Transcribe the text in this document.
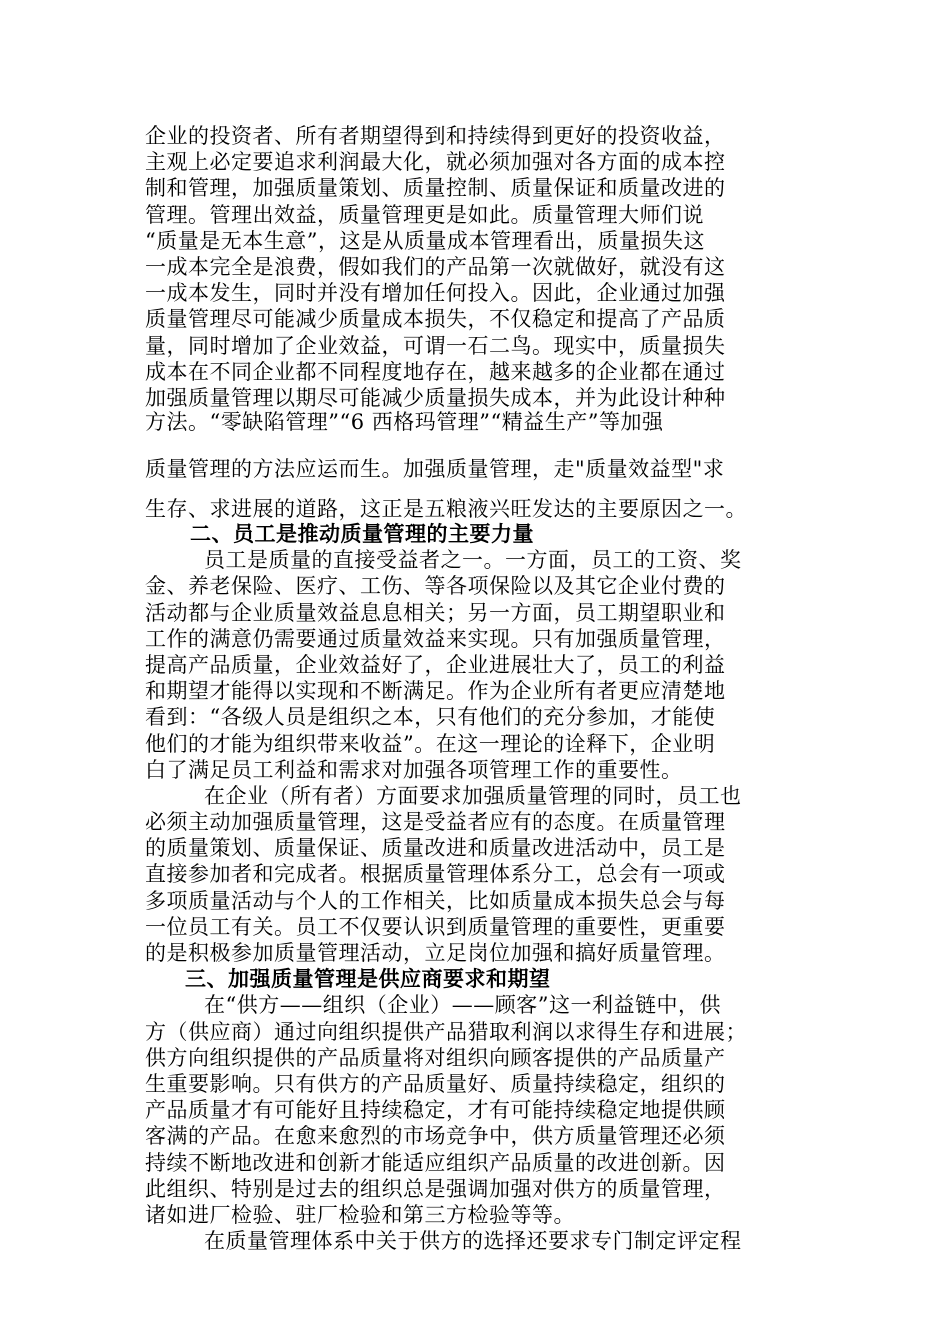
企业的投资者、所有者期望得到和持续得到更好的投资收益，
主观上必定要追求利润最大化，就必须加强对各方面的成本控
制和管理，加强质量策划、质量控制、质量保证和质量改进的
管理。管理出效益，质量管理更是如此。质量管理大师们说
“质量是无本生意”，这是从质量成本管理看出，质量损失这
一成本完全是浪费，假如我们的产品第一次就做好，就没有这
一成本发生，同时并没有增加任何投入。因此，企业通过加强
质量管理尽可能减少质量成本损失，不仅稳定和提高了产品质
量，同时增加了企业效益，可谓一石二鸟。现实中，质量损失
成本在不同企业都不同程度地存在，越来越多的企业都在通过
加强质量管理以期尽可能减少质量损失成本，并为此设计种种
方法。“零缺陷管理”“6 西格玛管理”“精益生产”等加强
质量管理的方法应运而生。加强质量管理，走"质量效益型"求
生存、求进展的道路，这正是五粮液兴旺发达的主要原因之一。
二、员工是推动质量管理的主要力量
员工是质量的直接受益者之一。一方面，员工的工资、奖
金、养老保险、医疗、工伤、等各项保险以及其它企业付费的
活动都与企业质量效益息息相关；另一方面，员工期望职业和
工作的满意仍需要通过质量效益来实现。只有加强质量管理，
提高产品质量，企业效益好了，企业进展壮大了，员工的利益
和期望才能得以实现和不断满足。作为企业所有者更应清楚地
看到：“各级人员是组织之本，只有他们的充分参加，才能使
他们的才能为组织带来收益”。在这一理论的诠释下，企业明
白了满足员工利益和需求对加强各项管理工作的重要性。
在企业（所有者）方面要求加强质量管理的同时，员工也
必须主动加强质量管理，这是受益者应有的态度。在质量管理
的质量策划、质量保证、质量改进和质量改进活动中，员工是
直接参加者和完成者。根据质量管理体系分工，总会有一项或
多项质量活动与个人的工作相关，比如质量成本损失总会与每
一位员工有关。员工不仅要认识到质量管理的重要性，更重要
的是积极参加质量管理活动，立足岗位加强和搞好质量管理。
三、加强质量管理是供应商要求和期望
在“供方——组织（企业）——顾客”这一利益链中，供
方（供应商）通过向组织提供产品猎取利润以求得生存和进展；
供方向组织提供的产品质量将对组织向顾客提供的产品质量产
生重要影响。只有供方的产品质量好、质量持续稳定，组织的
产品质量才有可能好且持续稳定，才有可能持续稳定地提供顾
客满的产品。在愈来愈烈的市场竞争中，供方质量管理还必须
持续不断地改进和创新才能适应组织产品质量的改进创新。因
此组织、特别是过去的组织总是强调加强对供方的质量管理，
诸如进厂检验、驻厂检验和第三方检验等等。
在质量管理体系中关于供方的选择还要求专门制定评定程
